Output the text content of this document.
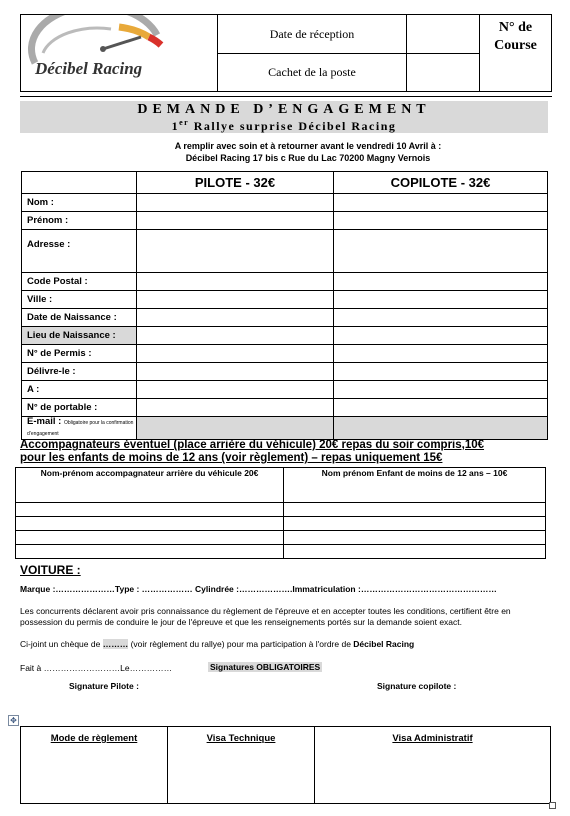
Décibel Racing	Date de réception		N° de Course
	Cachet de la poste		
DEMANDE D’ENGAGEMENT
1er Rallye surprise Décibel Racing
A remplir avec soin et à retourner avant le vendredi 10 Avril à :
Décibel Racing 17 bis c Rue du Lac 70200 Magny Vernois
	PILOTE - 32€	COPILOTE - 32€
Nom :		
Prénom :		
Adresse :		
Code Postal :		
Ville :		
Date de Naissance :		
Lieu de Naissance :		
N° de Permis :		
Délivre-le :		
A :		
N° de portable :		
E-mail : Obligatoire pour la confirmation d’engagement		
Accompagnateurs éventuel (place arrière du véhicule) 20€ repas du soir compris,10€
pour les enfants de moins de 12 ans (voir règlement) – repas uniquement 15€
Nom-prénom accompagnateur arrière du véhicule 20€	Nom prénom Enfant de moins de 12 ans – 10€

VOITURE :
Marque :…………………Type : ……………… Cylindrée :……………….Immatriculation :…………………………………………
Les concurrents déclarent avoir pris connaissance du règlement de l'épreuve et en accepter toutes les conditions, certifient être en possession du permis de conduire le jour de l'épreuve et que les renseignements portés sur la demande soient exact.
Ci-joint un chèque de ……… (voir règlement du rallye) pour ma participation à l'ordre de Décibel Racing
Fait à ………………………Le……………	Signatures OBLIGATOIRES
Signature Pilote :	Signature copilote :
✥
Mode de règlement	Visa Technique	Visa Administratif
